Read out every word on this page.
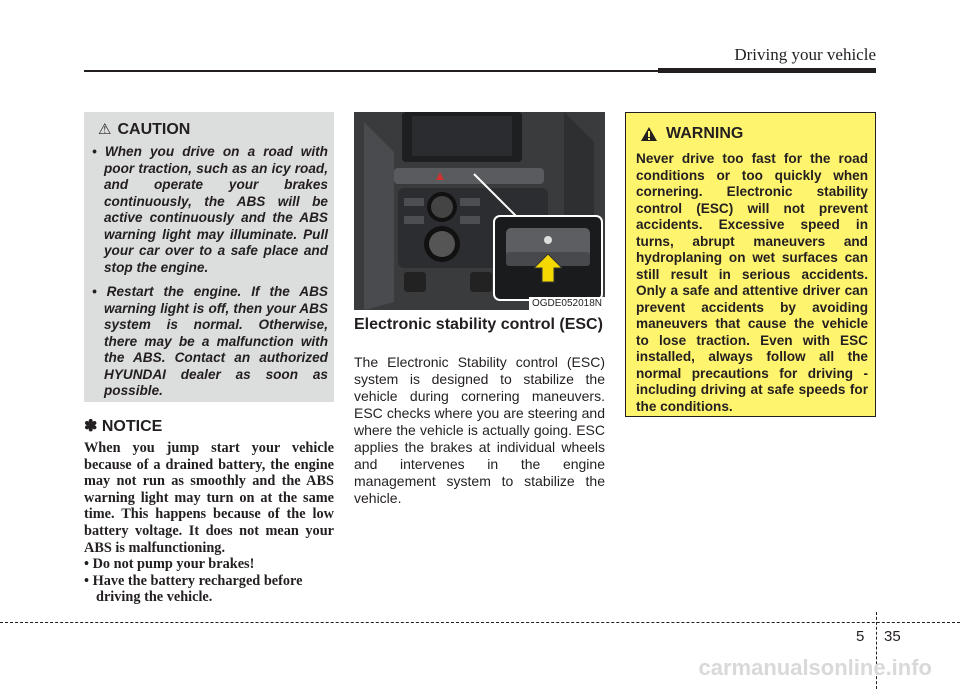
Driving your vehicle
⚠ CAUTION
• When you drive on a road with poor traction, such as an icy road, and operate your brakes continuously, the ABS will be active continuously and the ABS warning light may illuminate. Pull your car over to a safe place and stop the engine.
• Restart the engine. If the ABS warning light is off, then your ABS system is normal. Otherwise, there may be a malfunction with the ABS. Contact an authorized HYUNDAI dealer as soon as possible.
✽ NOTICE
When you jump start your vehicle because of a drained battery, the engine may not run as smoothly and the ABS warning light may turn on at the same time. This happens because of the low battery voltage. It does not mean your ABS is malfunctioning.
• Do not pump your brakes!
• Have the battery recharged before driving the vehicle.
OGDE052018N
Electronic stability control (ESC)
The Electronic Stability control (ESC) system is designed to stabilize the vehicle during cornering maneuvers. ESC checks where you are steering and where the vehicle is actually going. ESC applies the brakes at individual wheels and intervenes in the engine management system to stabilize the vehicle.
WARNING
Never drive too fast for the road conditions or too quickly when cornering. Electronic stability control (ESC) will not prevent accidents. Excessive speed in turns, abrupt maneuvers and hydroplaning on wet surfaces can still result in serious accidents. Only a safe and attentive driver can prevent accidents by avoiding maneuvers that cause the vehicle to lose traction. Even with ESC installed, always follow all the normal precautions for driving - including driving at safe speeds for the conditions.
5 35
carmanualsonline.info
